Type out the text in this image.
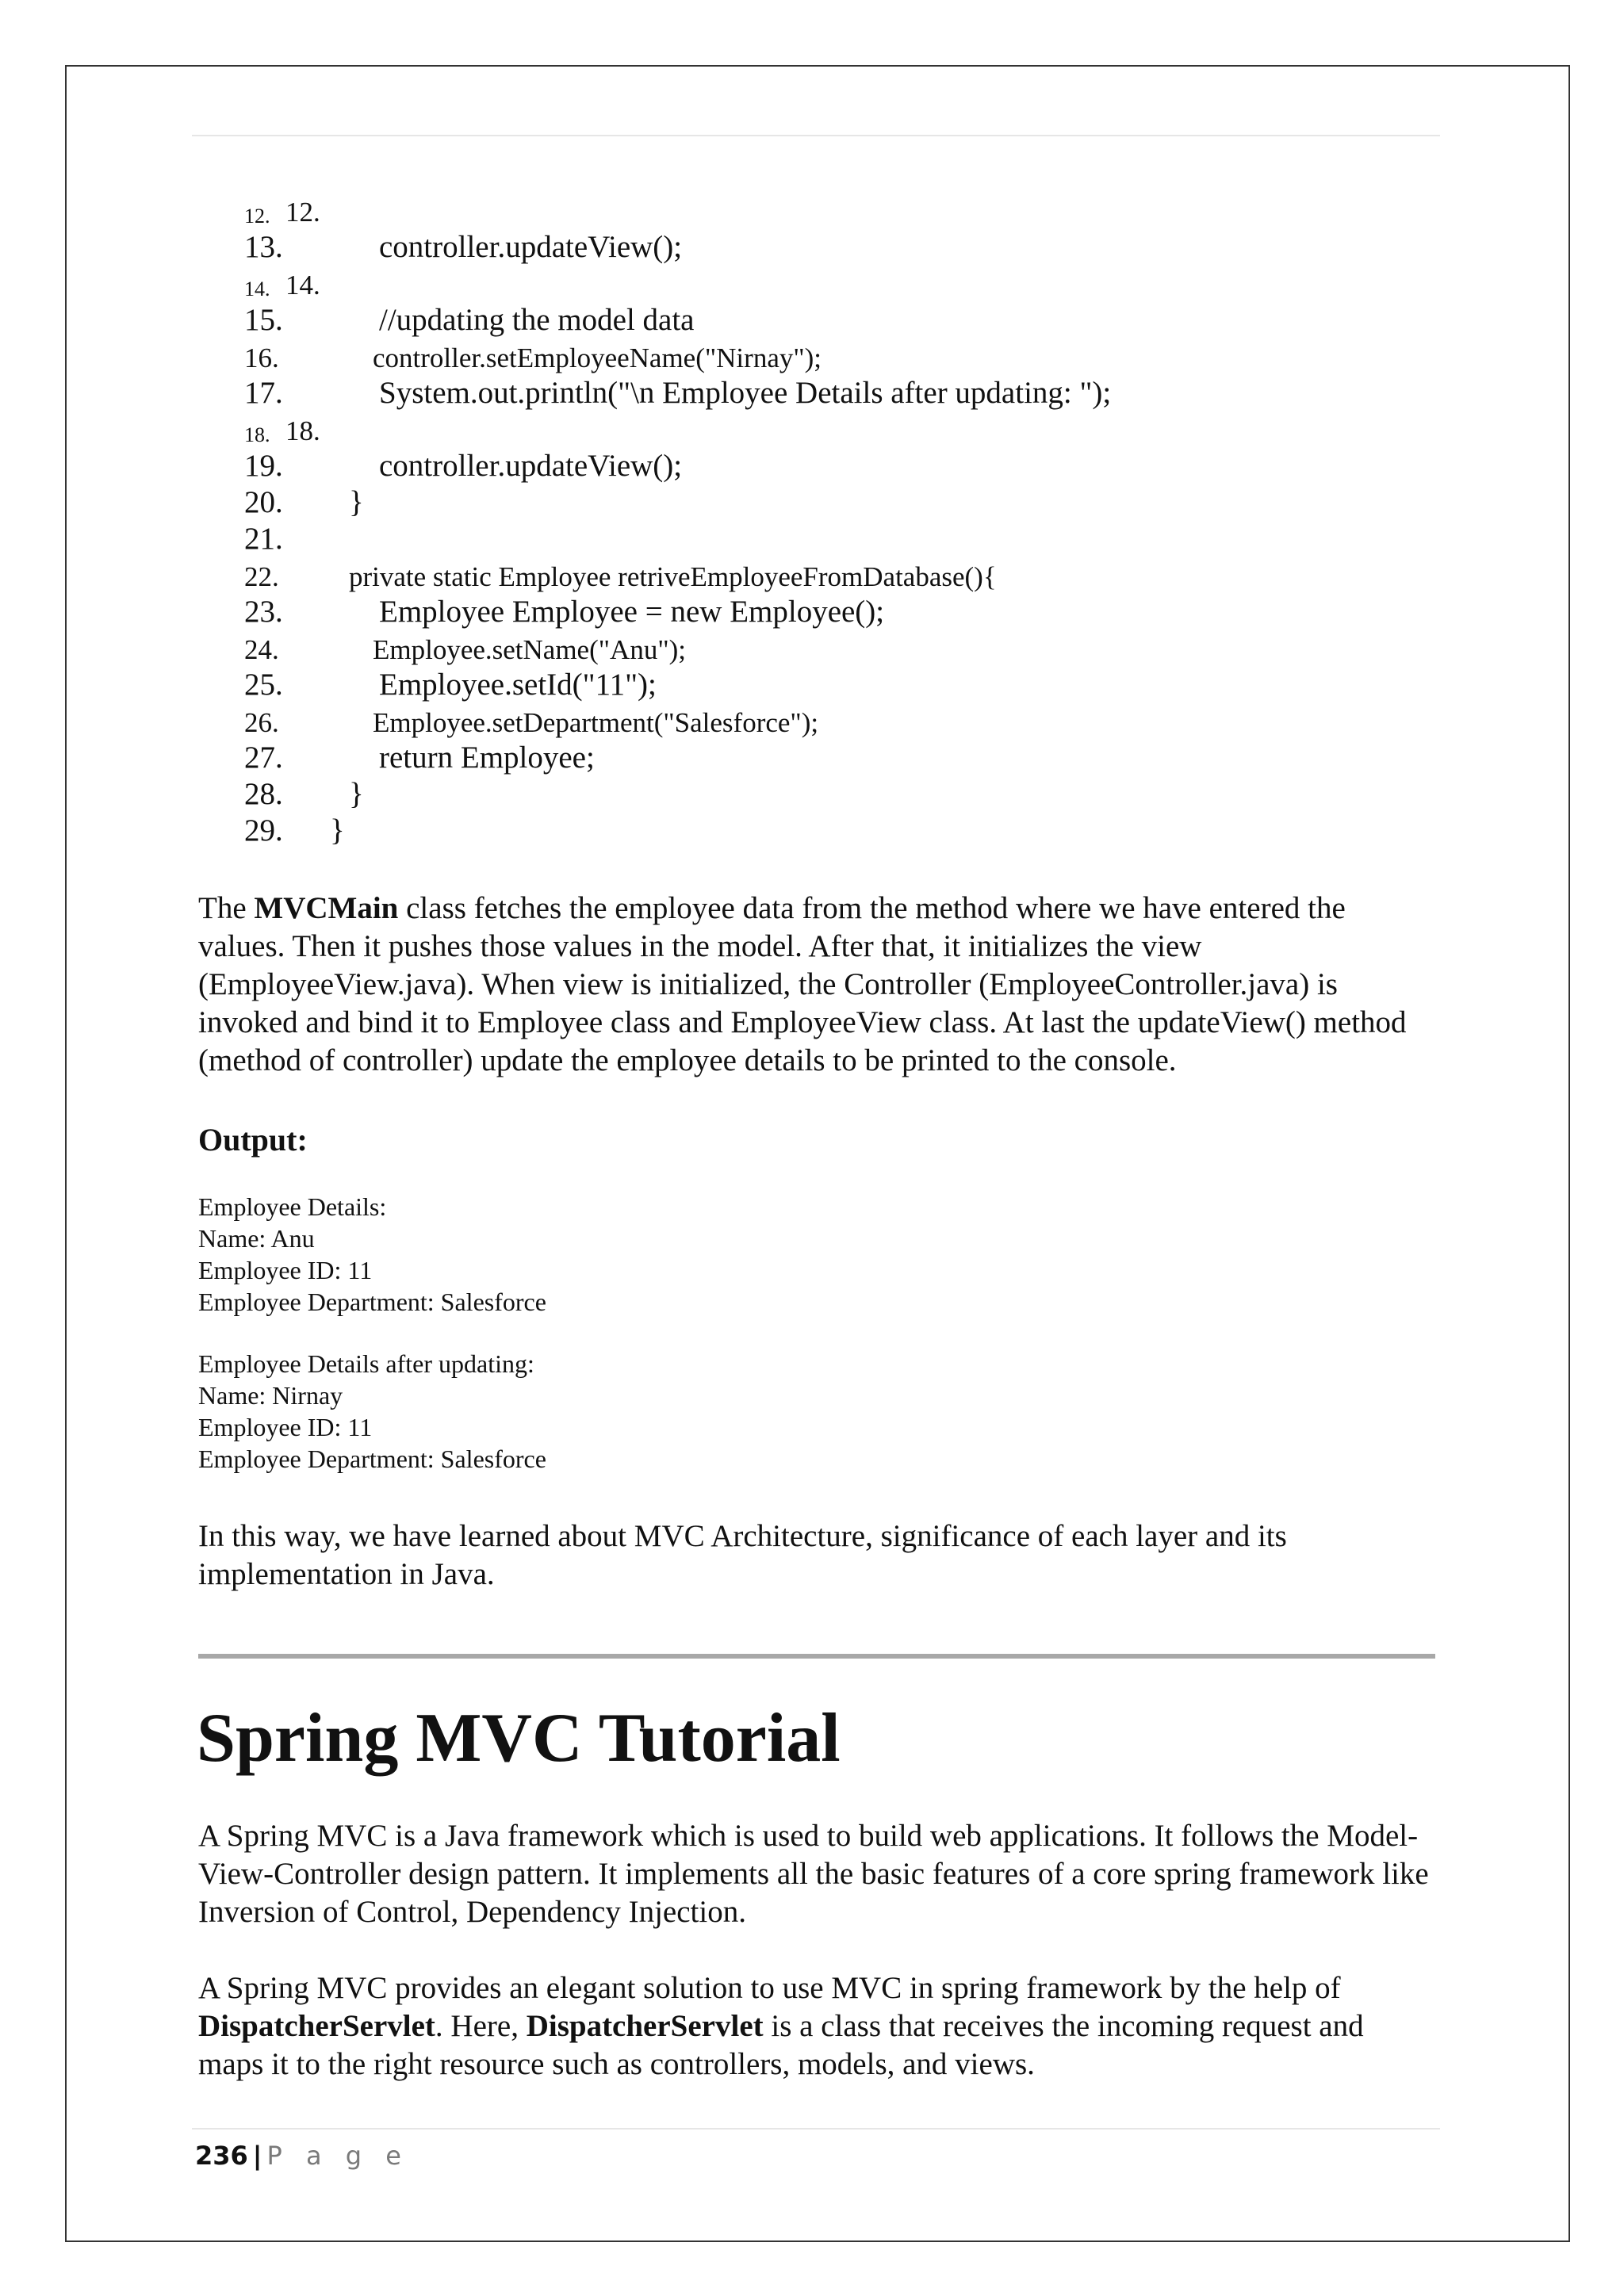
12. 12.
13.	controller.updateView();
14. 14.
15.	//updating the model data
16.	controller.setEmployeeName("Nirnay");
17.	System.out.println("\n Employee Details after updating: ");
18. 18.
19.	controller.updateView();
20. }
21.
22.	private static Employee retriveEmployeeFromDatabase(){
23.	Employee Employee = new Employee();
24.	Employee.setName("Anu");
25.	Employee.setId("11");
26.	Employee.setDepartment("Salesforce");
27.	return Employee;
28. }
29. }
The MVCMain class fetches the employee data from the method where we have entered the values. Then it pushes those values in the model. After that, it initializes the view (EmployeeView.java). When view is initialized, the Controller (EmployeeController.java) is invoked and bind it to Employee class and EmployeeView class. At last the updateView() method (method of controller) update the employee details to be printed to the console.
Output:
Employee Details:
Name: Anu
Employee ID: 11
Employee Department: Salesforce
Employee Details after updating:
Name: Nirnay
Employee ID: 11
Employee Department: Salesforce
In this way, we have learned about MVC Architecture, significance of each layer and its implementation in Java.
Spring MVC Tutorial
A Spring MVC is a Java framework which is used to build web applications. It follows the Model-View-Controller design pattern. It implements all the basic features of a core spring framework like Inversion of Control, Dependency Injection.
A Spring MVC provides an elegant solution to use MVC in spring framework by the help of DispatcherServlet. Here, DispatcherServlet is a class that receives the incoming request and maps it to the right resource such as controllers, models, and views.
236 | P a g e
